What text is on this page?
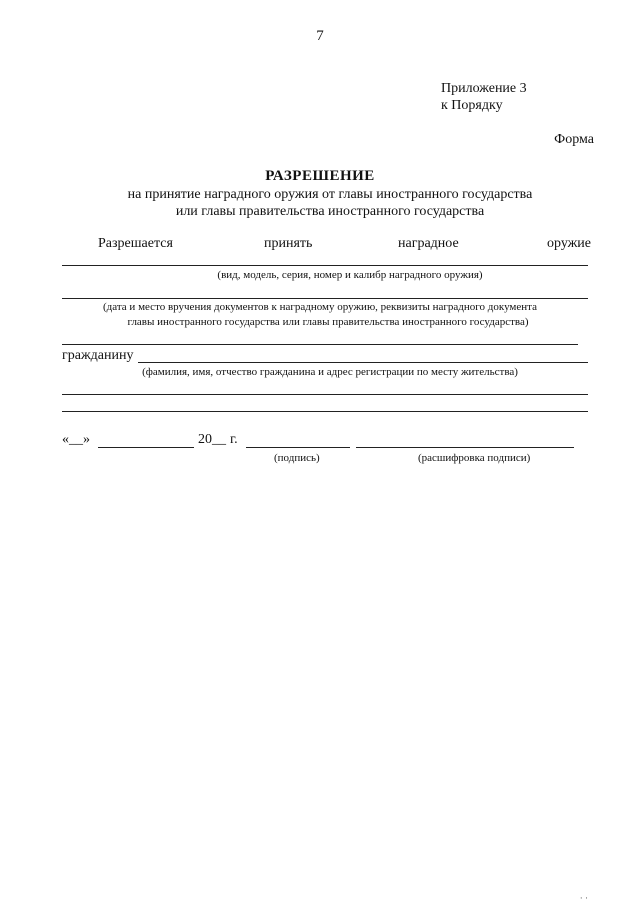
7
Приложение 3
к Порядку
Форма
РАЗРЕШЕНИЕ
на принятие наградного оружия от главы иностранного государства
или главы правительства иностранного государства
Разрешается	принять	наградное	оружие
(вид, модель, серия, номер и калибр наградного оружия)
(дата и место вручения документов к наградному оружию, реквизиты наградного документа
главы иностранного государства или главы правительства иностранного государства)
гражданину
(фамилия, имя, отчество гражданина и адрес регистрации по месту жительства)
«__»	20__ г.
(подпись)	(расшифровка подписи)
· ·
